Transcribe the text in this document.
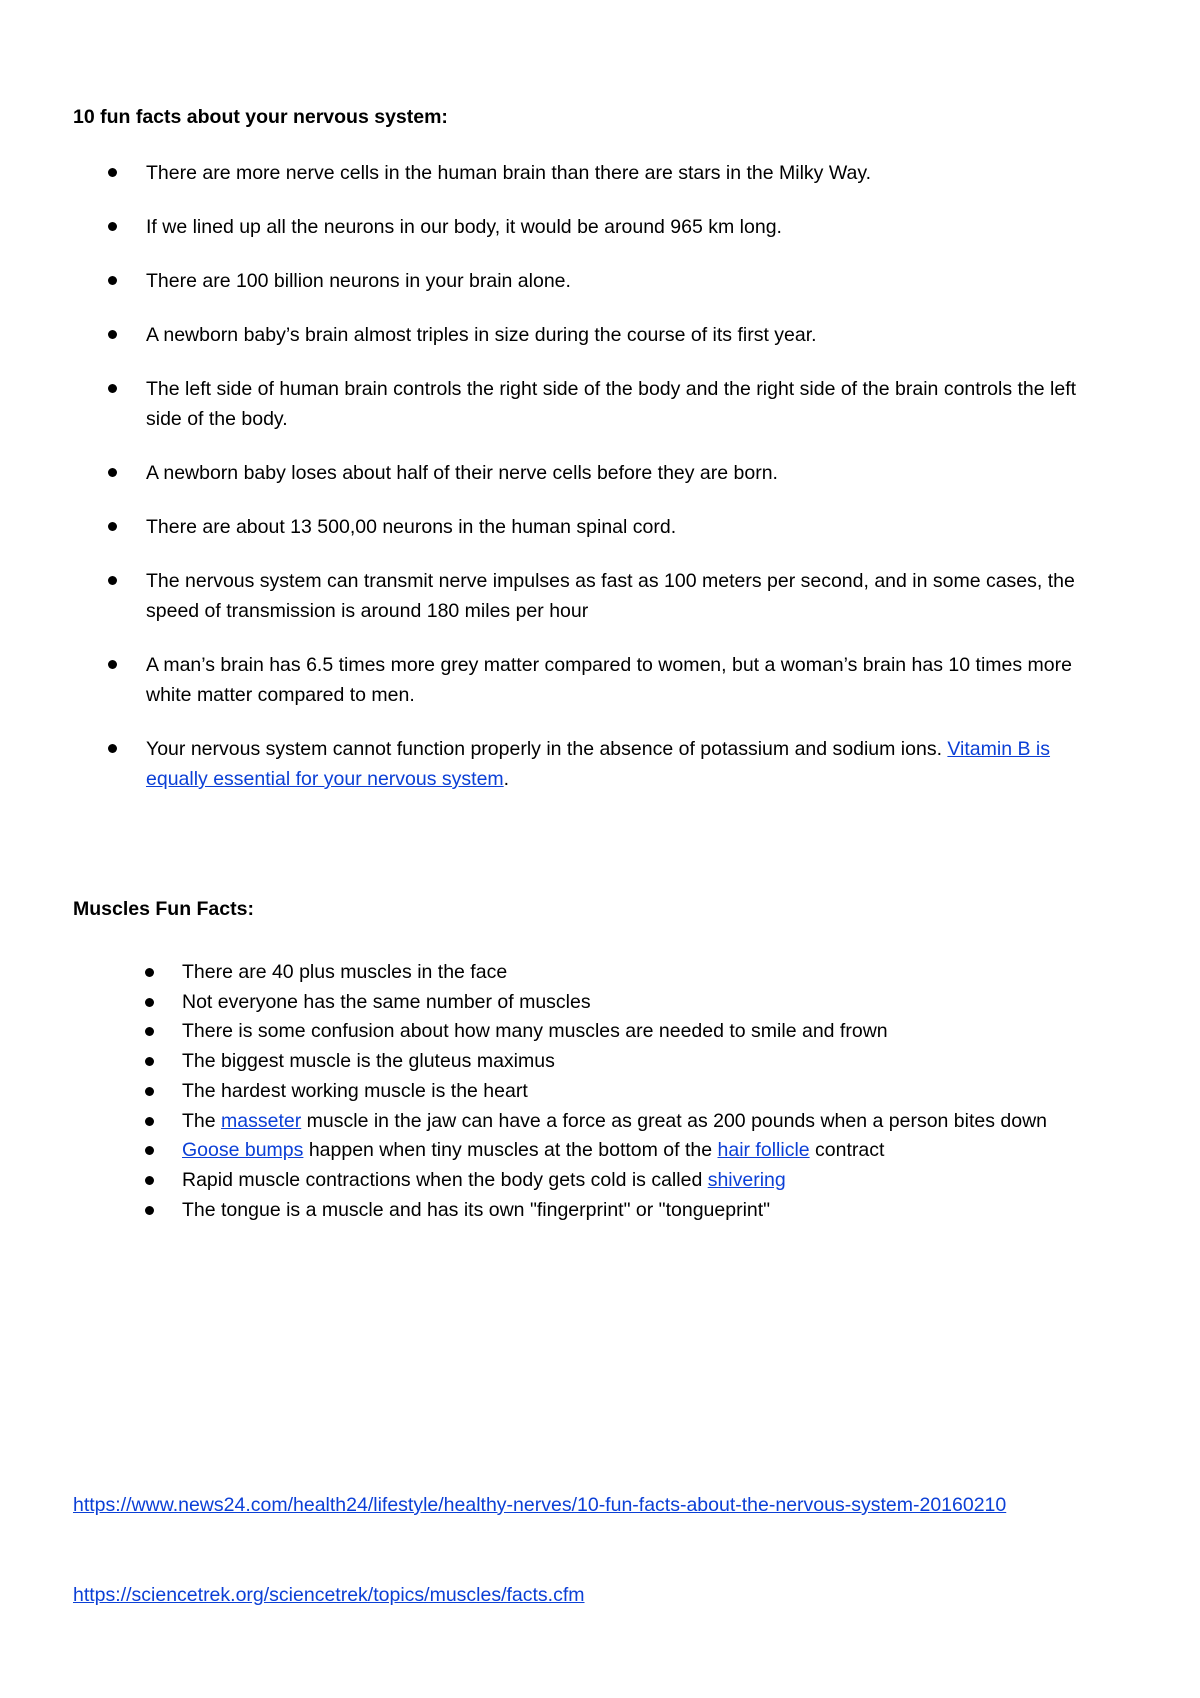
10 fun facts about your nervous system:

There are more nerve cells in the human brain than there are stars in the Milky Way.
If we lined up all the neurons in our body, it would be around 965 km long.
There are 100 billion neurons in your brain alone.
A newborn baby’s brain almost triples in size during the course of its first year.
The left side of human brain controls the right side of the body and the right side of the brain controls the left side of the body.
A newborn baby loses about half of their nerve cells before they are born.
There are about 13 500,00 neurons in the human spinal cord.
The nervous system can transmit nerve impulses as fast as 100 meters per second, and in some cases, the speed of transmission is around 180 miles per hour
A man’s brain has 6.5 times more grey matter compared to women, but a woman’s brain has 10 times more white matter compared to men.
Your nervous system cannot function properly in the absence of potassium and sodium ions. Vitamin B is equally essential for your nervous system.

Muscles Fun Facts:

There are 40 plus muscles in the face
Not everyone has the same number of muscles
There is some confusion about how many muscles are needed to smile and frown
The biggest muscle is the gluteus maximus
The hardest working muscle is the heart
The masseter muscle in the jaw can have a force as great as 200 pounds when a person bites down
Goose bumps happen when tiny muscles at the bottom of the hair follicle contract
Rapid muscle contractions when the body gets cold is called shivering
The tongue is a muscle and has its own "fingerprint" or "tongueprint"

https://www.news24.com/health24/lifestyle/healthy-nerves/10-fun-facts-about-the-nervous-system-20160210

https://sciencetrek.org/sciencetrek/topics/muscles/facts.cfm
